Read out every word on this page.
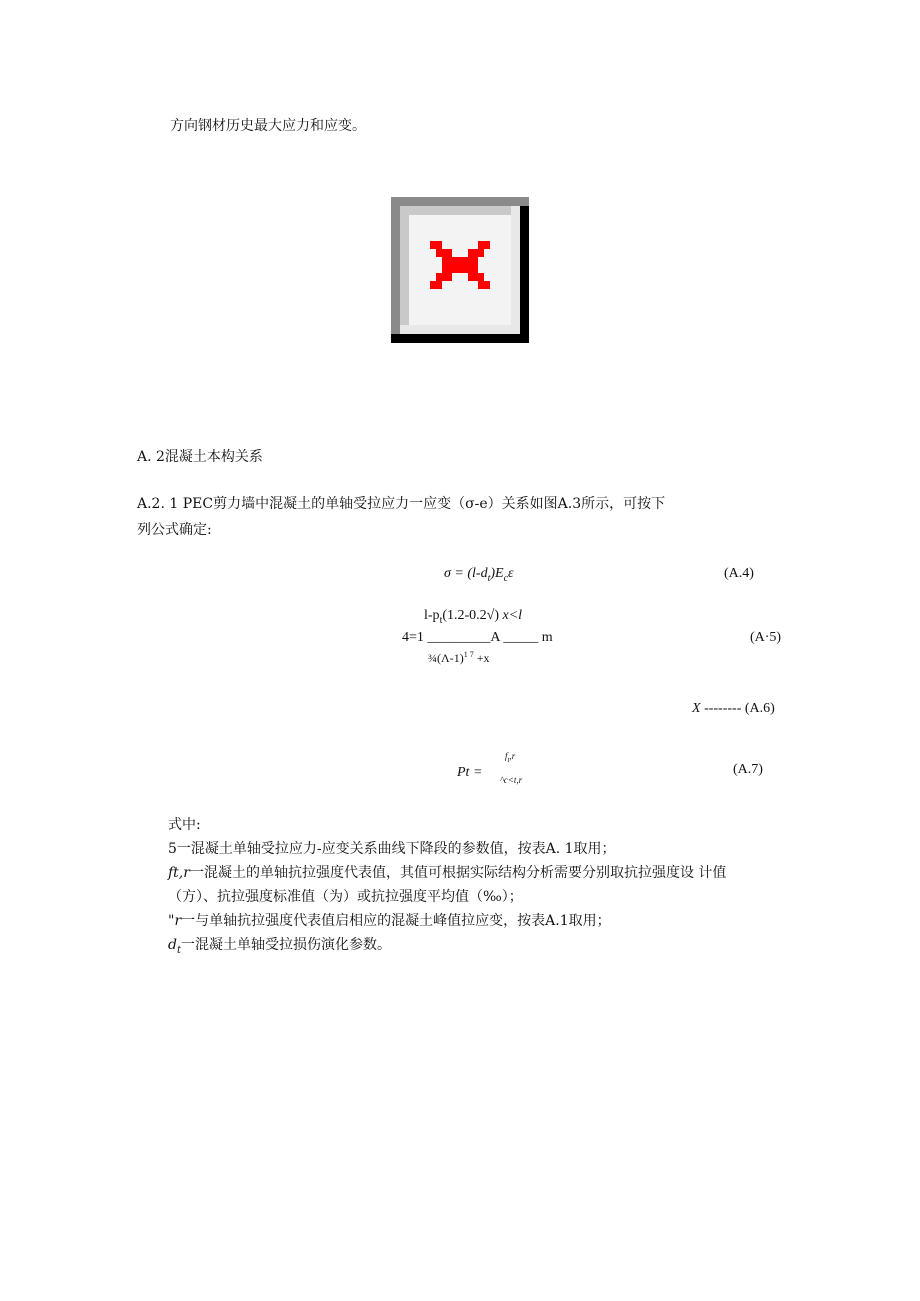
方向钢材历史最大应力和应变。
A. 2混凝土本构关系
A.2. 1 PEC剪力墙中混凝土的单轴受拉应力一应变（σ-e）关系如图A.3所示，可按下
列公式确定:
$\sigma = (l-d_t)E_c\varepsilon$	(A.4)
$l-p_t(1.2-0.2√)$ x<l
4=1 _________A _____ m	(A·5)
$\frac{3}{4}(\Lambda-1)^{1 7} +x$
X -------- (A.6)
Pt =
$f_t,r$
^c<t,r
(A.7)
式中:
5一混凝土单轴受拉应力-应变关系曲线下降段的参数值，按表A. 1取用；
ft,r一混凝土的单轴抗拉强度代表值，其值可根据实际结构分析需要分别取抗拉强度设 计值
（方）、抗拉强度标准值（为）或抗拉强度平均值（‰）；
"r一与单轴抗拉强度代表值启相应的混凝土峰值拉应变，按表A.1取用；
$d_t$一混凝土单轴受拉损伤演化参数。
